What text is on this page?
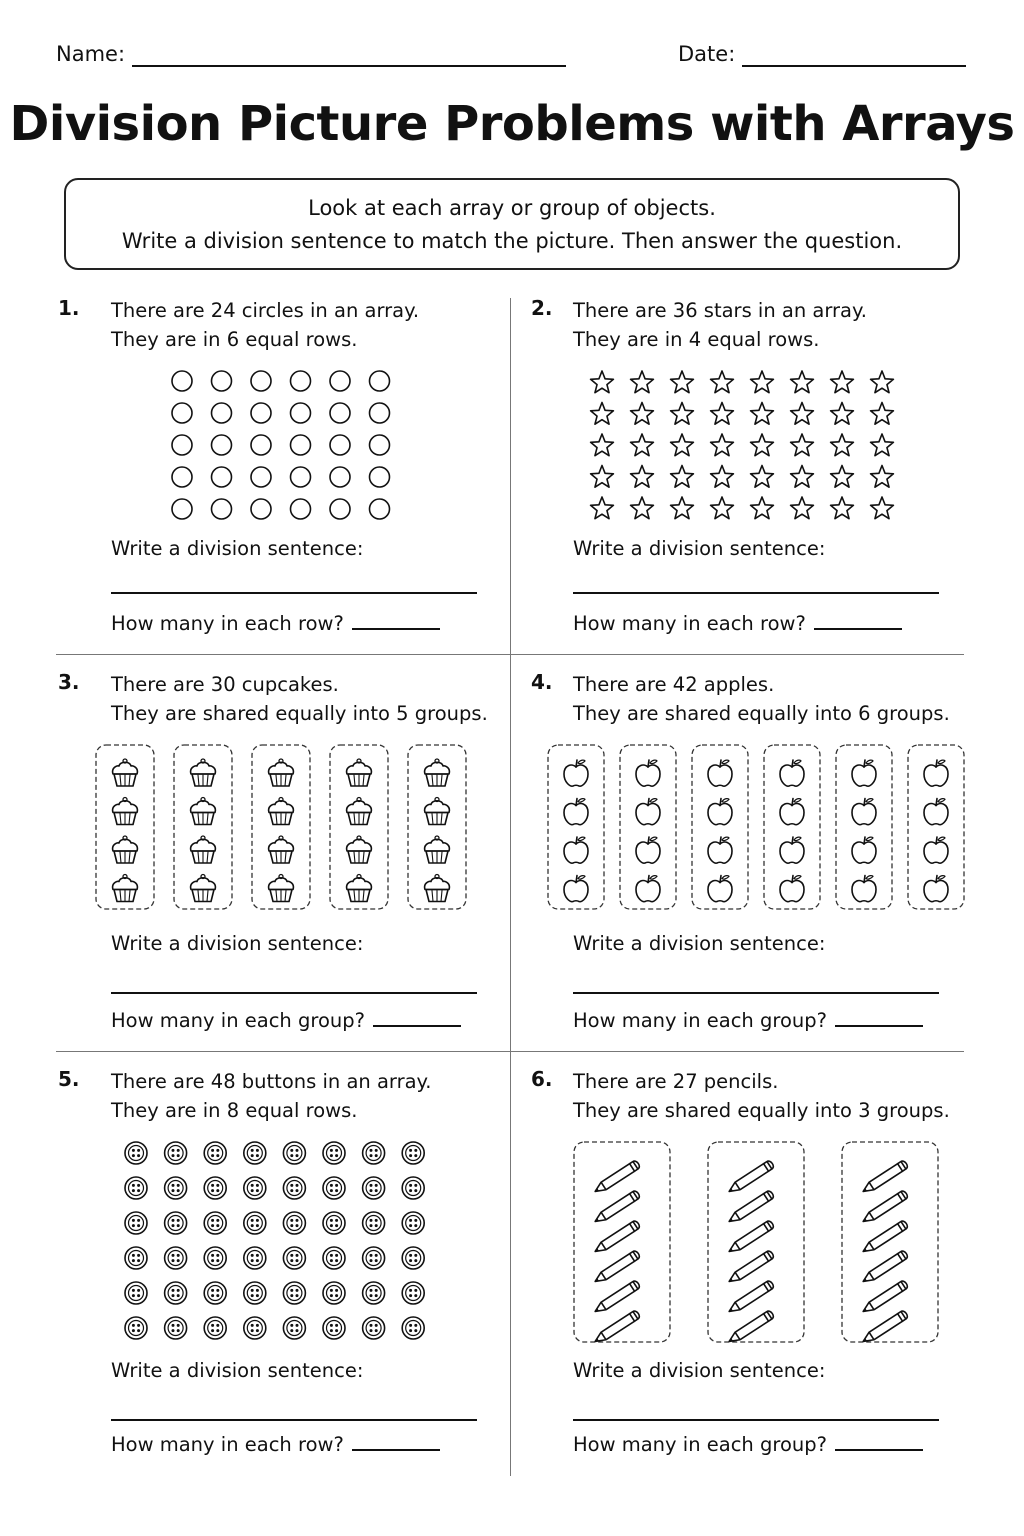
Name:	Date:
Division Picture Problems with Arrays
Look at each array or group of objects.
Write a division sentence to match the picture. Then answer the question.
1. There are 24 circles in an array.
They are in 6 equal rows.
Write a division sentence:
How many in each row?
2. There are 36 stars in an array.
They are in 4 equal rows.
Write a division sentence:
How many in each row?
3. There are 30 cupcakes.
They are shared equally into 5 groups.
Write a division sentence:
How many in each group?
4. There are 42 apples.
They are shared equally into 6 groups.
Write a division sentence:
How many in each group?
5. There are 48 buttons in an array.
They are in 8 equal rows.
Write a division sentence:
How many in each row?
6. There are 27 pencils.
They are shared equally into 3 groups.
Write a division sentence:
How many in each group?
